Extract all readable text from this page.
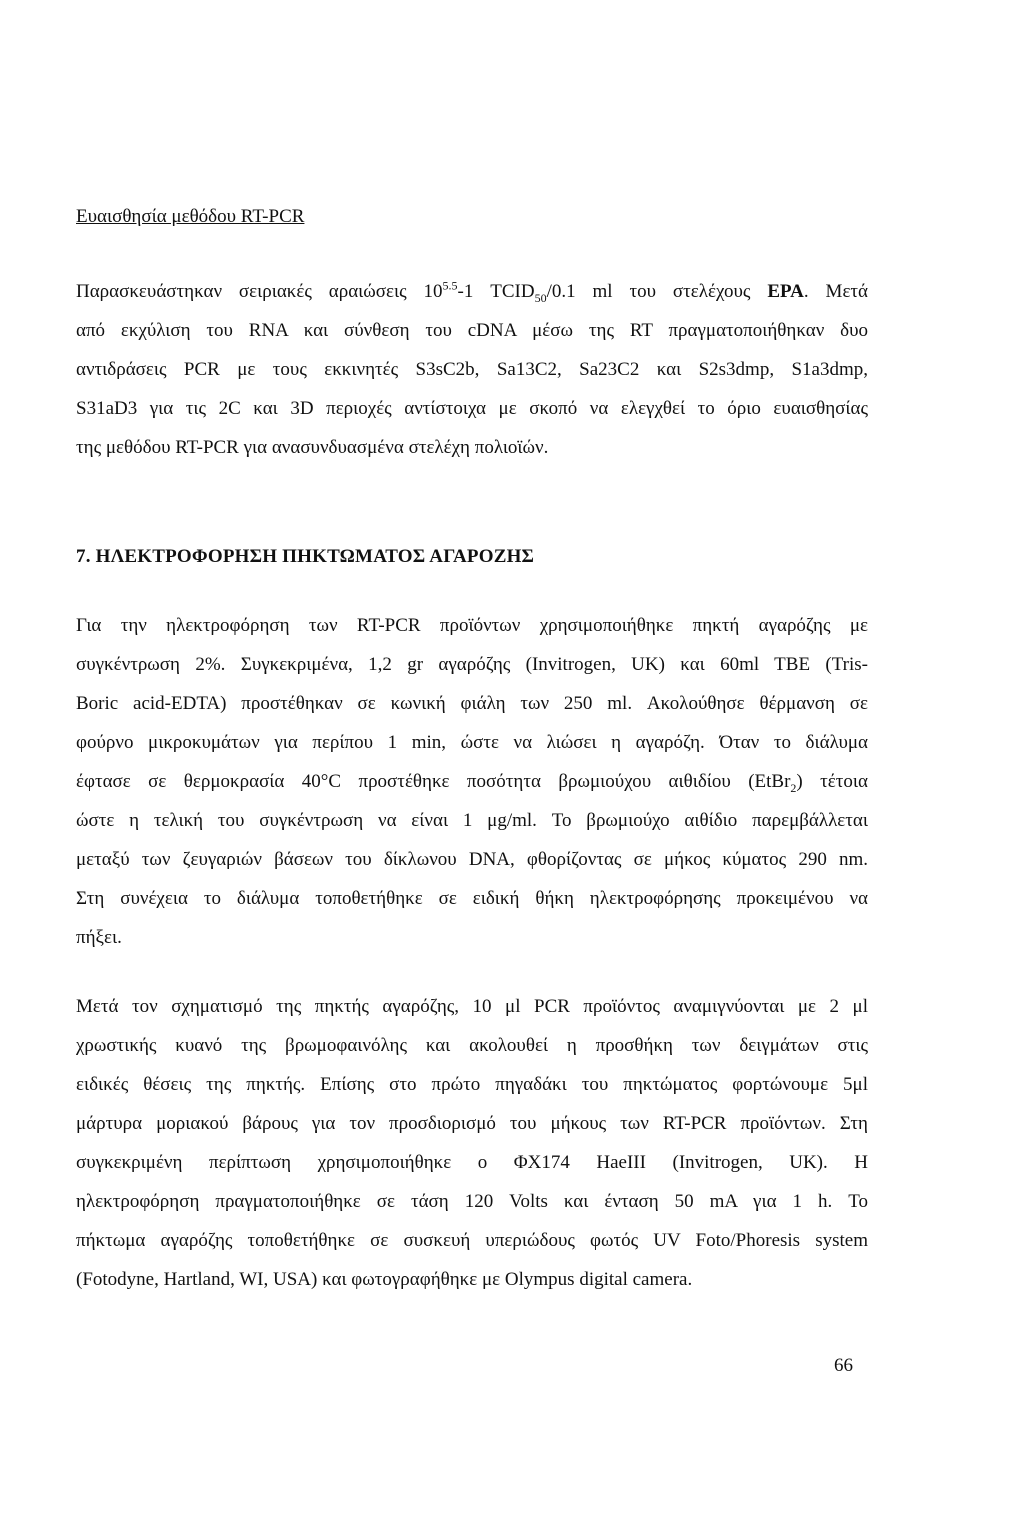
Ευαισθησία μεθόδου RT-PCR
Παρασκευάστηκαν σειριακές αραιώσεις $10^{5.5}-1$ $TCID_{50}/0.1$ ml του στελέχους EPA. Μετά
από εκχύλιση του RNA και σύνθεση του cDNA μέσω της RT πραγματοποιήθηκαν δυο
αντιδράσεις PCR με τους εκκινητές S3sC2b, Sa13C2, Sa23C2 και S2s3dmp, S1a3dmp,
S31aD3 για τις 2C και 3D περιοχές αντίστοιχα με σκοπό να ελεγχθεί το όριο ευαισθησίας
της μεθόδου RT-PCR για ανασυνδυασμένα στελέχη πολιοϊών.
7. ΗΛΕΚΤΡΟΦΟΡΗΣΗ ΠΗΚΤΩΜΑΤΟΣ ΑΓΑΡΟΖΗΣ
Για την ηλεκτροφόρηση των RT-PCR προϊόντων χρησιμοποιήθηκε πηκτή αγαρόζης με
συγκέντρωση 2%. Συγκεκριμένα, 1,2 gr αγαρόζης (Invitrogen, UK) και 60ml TBE (Tris-
Boric acid-EDTA) προστέθηκαν σε κωνική φιάλη των 250 ml. Ακολούθησε θέρμανση σε
φούρνο μικροκυμάτων για περίπου 1 min, ώστε να λιώσει η αγαρόζη. Όταν το διάλυμα
έφτασε σε θερμοκρασία 40°C προστέθηκε ποσότητα βρωμιούχου αιθιδίου (EtBr$_2$) τέτοια
ώστε η τελική του συγκέντρωση να είναι 1 μg/ml. Το βρωμιούχο αιθίδιο παρεμβάλλεται
μεταξύ των ζευγαριών βάσεων του δίκλωνου DNA, φθορίζοντας σε μήκος κύματος 290 nm.
Στη συνέχεια το διάλυμα τοποθετήθηκε σε ειδική θήκη ηλεκτροφόρησης προκειμένου να
πήξει.
Μετά τον σχηματισμό της πηκτής αγαρόζης, 10 μl PCR προϊόντος αναμιγνύονται με 2 μl
χρωστικής κυανό της βρωμοφαινόλης και ακολουθεί η προσθήκη των δειγμάτων στις
ειδικές θέσεις της πηκτής. Επίσης στο πρώτο πηγαδάκι του πηκτώματος φορτώνουμε 5μl
μάρτυρα μοριακού βάρους για τον προσδιορισμό του μήκους των RT-PCR προϊόντων. Στη
συγκεκριμένη περίπτωση χρησιμοποιήθηκε ο ΦΧ174 HaeIII (Invitrogen, UK). Η
ηλεκτροφόρηση πραγματοποιήθηκε σε τάση 120 Volts και ένταση 50 mA για 1 h. Το
πήκτωμα αγαρόζης τοποθετήθηκε σε συσκευή υπεριώδους φωτός UV Foto/Phoresis system
(Fotodyne, Hartland, WI, USA) και φωτογραφήθηκε με Olympus digital camera.
66
